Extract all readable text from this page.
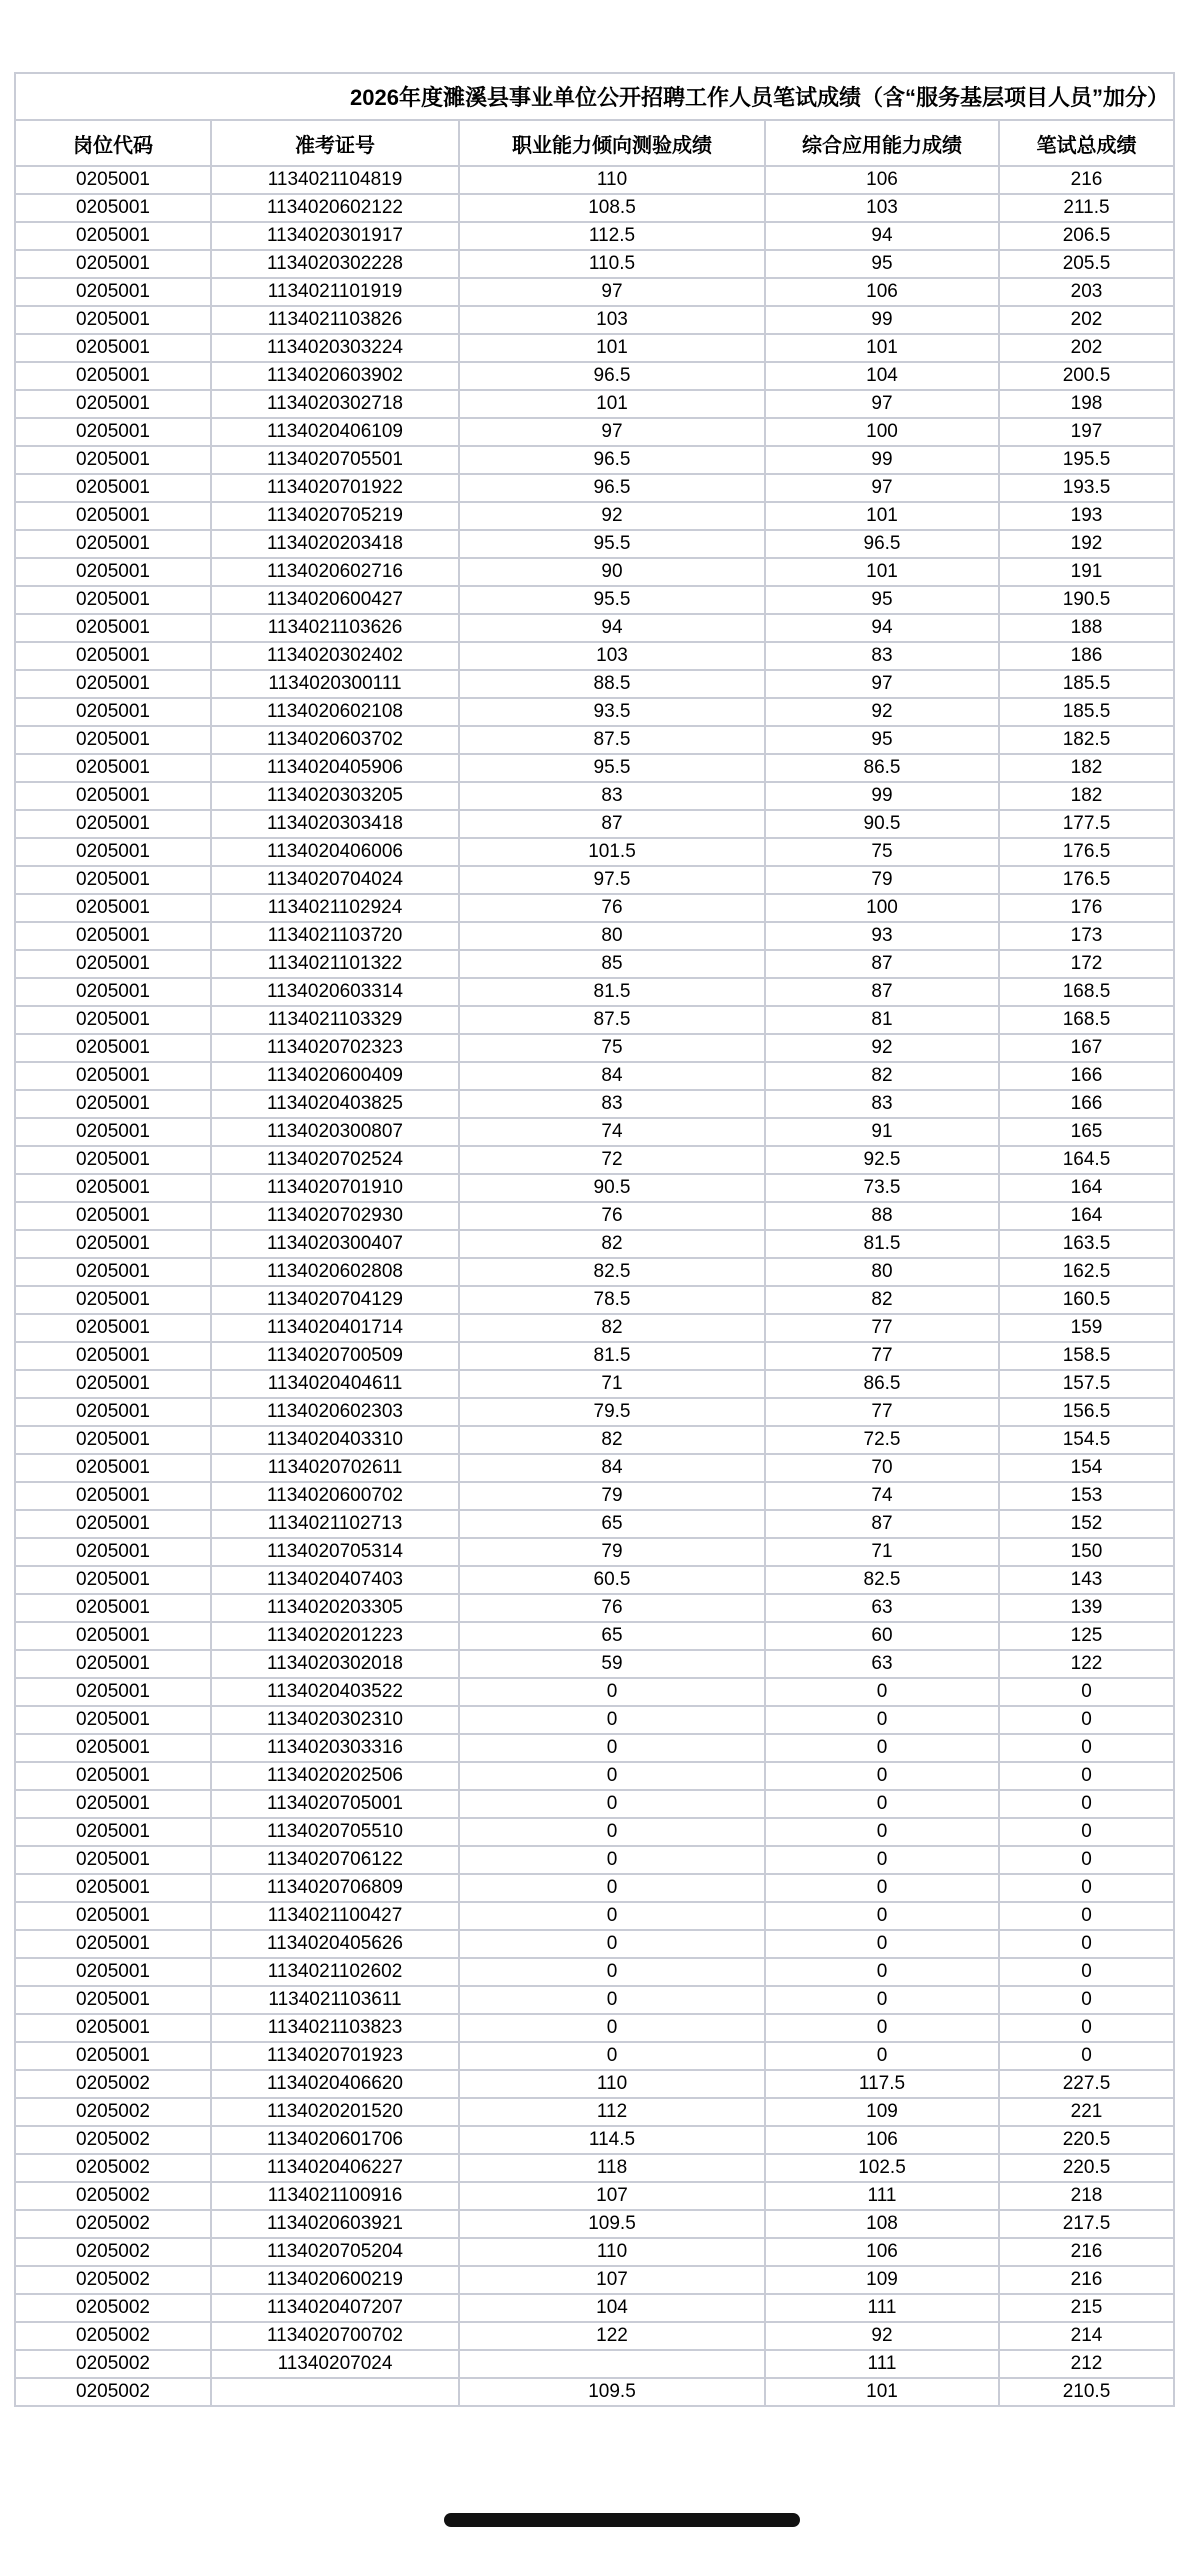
2026年度濉溪县事业单位公开招聘工作人员笔试成绩（含“服务基层项目人员”加分）				
岗位代码	准考证号	职业能力倾向测验成绩	综合应用能力成绩	笔试总成绩
0205001	1134021104819	110	106	216
0205001	1134020602122	108.5	103	211.5
0205001	1134020301917	112.5	94	206.5
0205001	1134020302228	110.5	95	205.5
0205001	1134021101919	97	106	203
0205001	1134021103826	103	99	202
0205001	1134020303224	101	101	202
0205001	1134020603902	96.5	104	200.5
0205001	1134020302718	101	97	198
0205001	1134020406109	97	100	197
0205001	1134020705501	96.5	99	195.5
0205001	1134020701922	96.5	97	193.5
0205001	1134020705219	92	101	193
0205001	1134020203418	95.5	96.5	192
0205001	1134020602716	90	101	191
0205001	1134020600427	95.5	95	190.5
0205001	1134021103626	94	94	188
0205001	1134020302402	103	83	186
0205001	1134020300111	88.5	97	185.5
0205001	1134020602108	93.5	92	185.5
0205001	1134020603702	87.5	95	182.5
0205001	1134020405906	95.5	86.5	182
0205001	1134020303205	83	99	182
0205001	1134020303418	87	90.5	177.5
0205001	1134020406006	101.5	75	176.5
0205001	1134020704024	97.5	79	176.5
0205001	1134021102924	76	100	176
0205001	1134021103720	80	93	173
0205001	1134021101322	85	87	172
0205001	1134020603314	81.5	87	168.5
0205001	1134021103329	87.5	81	168.5
0205001	1134020702323	75	92	167
0205001	1134020600409	84	82	166
0205001	1134020403825	83	83	166
0205001	1134020300807	74	91	165
0205001	1134020702524	72	92.5	164.5
0205001	1134020701910	90.5	73.5	164
0205001	1134020702930	76	88	164
0205001	1134020300407	82	81.5	163.5
0205001	1134020602808	82.5	80	162.5
0205001	1134020704129	78.5	82	160.5
0205001	1134020401714	82	77	159
0205001	1134020700509	81.5	77	158.5
0205001	1134020404611	71	86.5	157.5
0205001	1134020602303	79.5	77	156.5
0205001	1134020403310	82	72.5	154.5
0205001	1134020702611	84	70	154
0205001	1134020600702	79	74	153
0205001	1134021102713	65	87	152
0205001	1134020705314	79	71	150
0205001	1134020407403	60.5	82.5	143
0205001	1134020203305	76	63	139
0205001	1134020201223	65	60	125
0205001	1134020302018	59	63	122
0205001	1134020403522	0	0	0
0205001	1134020302310	0	0	0
0205001	1134020303316	0	0	0
0205001	1134020202506	0	0	0
0205001	1134020705001	0	0	0
0205001	1134020705510	0	0	0
0205001	1134020706122	0	0	0
0205001	1134020706809	0	0	0
0205001	1134021100427	0	0	0
0205001	1134020405626	0	0	0
0205001	1134021102602	0	0	0
0205001	1134021103611	0	0	0
0205001	1134021103823	0	0	0
0205001	1134020701923	0	0	0
0205002	1134020406620	110	117.5	227.5
0205002	1134020201520	112	109	221
0205002	1134020601706	114.5	106	220.5
0205002	1134020406227	118	102.5	220.5
0205002	1134021100916	107	111	218
0205002	1134020603921	109.5	108	217.5
0205002	1134020705204	110	106	216
0205002	1134020600219	107	109	216
0205002	1134020407207	104	111	215
0205002	1134020700702	122	92	214
0205002	11340207024		111	212
0205002		109.5	101	210.5
